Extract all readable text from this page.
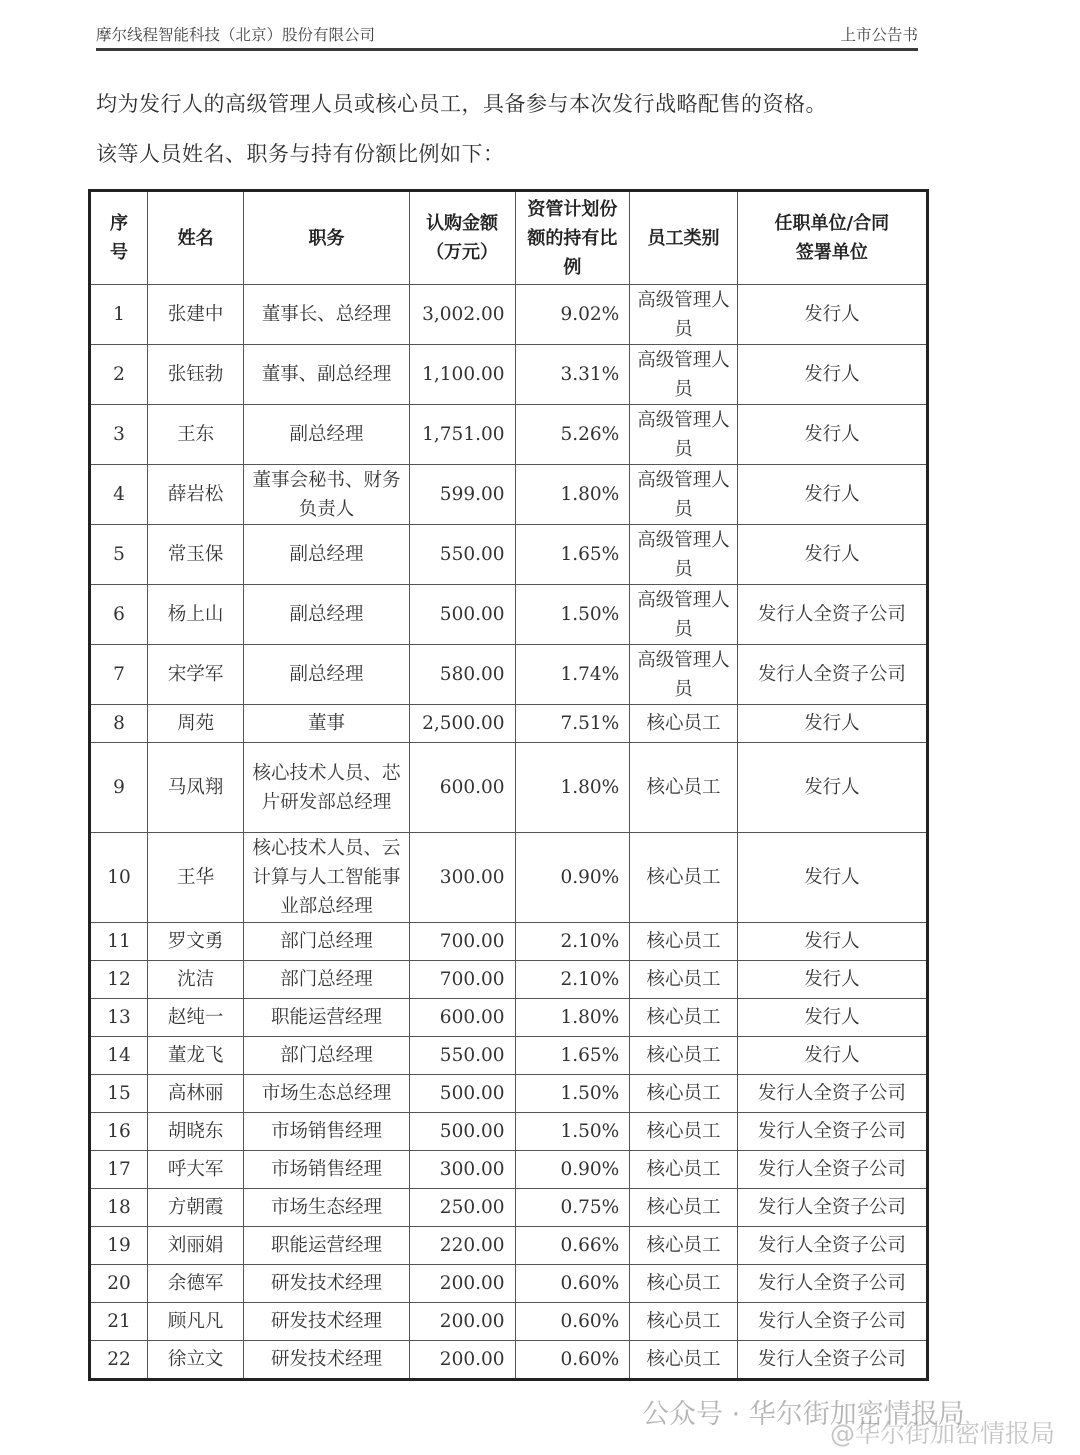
摩尔线程智能科技（北京）股份有限公司	上市公告书
均为发行人的高级管理人员或核心员工，具备参与本次发行战略配售的资格。
该等人员姓名、职务与持有份额比例如下：
序号	姓名	职务	认购金额（万元）	资管计划份额的持有比例	员工类别	任职单位/合同签署单位
1	张建中	董事长、总经理	3,002.00	9.02%	高级管理人员	发行人
2	张钰勃	董事、副总经理	1,100.00	3.31%	高级管理人员	发行人
3	王东	副总经理	1,751.00	5.26%	高级管理人员	发行人
4	薛岩松	董事会秘书、财务负责人	599.00	1.80%	高级管理人员	发行人
5	常玉保	副总经理	550.00	1.65%	高级管理人员	发行人
6	杨上山	副总经理	500.00	1.50%	高级管理人员	发行人全资子公司
7	宋学军	副总经理	580.00	1.74%	高级管理人员	发行人全资子公司
8	周苑	董事	2,500.00	7.51%	核心员工	发行人
9	马凤翔	核心技术人员、芯片研发部总经理	600.00	1.80%	核心员工	发行人
10	王华	核心技术人员、云计算与人工智能事业部总经理	300.00	0.90%	核心员工	发行人
11	罗文勇	部门总经理	700.00	2.10%	核心员工	发行人
12	沈洁	部门总经理	700.00	2.10%	核心员工	发行人
13	赵纯一	职能运营经理	600.00	1.80%	核心员工	发行人
14	董龙飞	部门总经理	550.00	1.65%	核心员工	发行人
15	高林丽	市场生态总经理	500.00	1.50%	核心员工	发行人全资子公司
16	胡晓东	市场销售经理	500.00	1.50%	核心员工	发行人全资子公司
17	呼大军	市场销售经理	300.00	0.90%	核心员工	发行人全资子公司
18	方朝霞	市场生态经理	250.00	0.75%	核心员工	发行人全资子公司
19	刘丽娟	职能运营经理	220.00	0.66%	核心员工	发行人全资子公司
20	余德军	研发技术经理	200.00	0.60%	核心员工	发行人全资子公司
21	顾凡凡	研发技术经理	200.00	0.60%	核心员工	发行人全资子公司
22	徐立文	研发技术经理	200.00	0.60%	核心员工	发行人全资子公司
公众号 · 华尔街加密情报局
@华尔街加密情报局
